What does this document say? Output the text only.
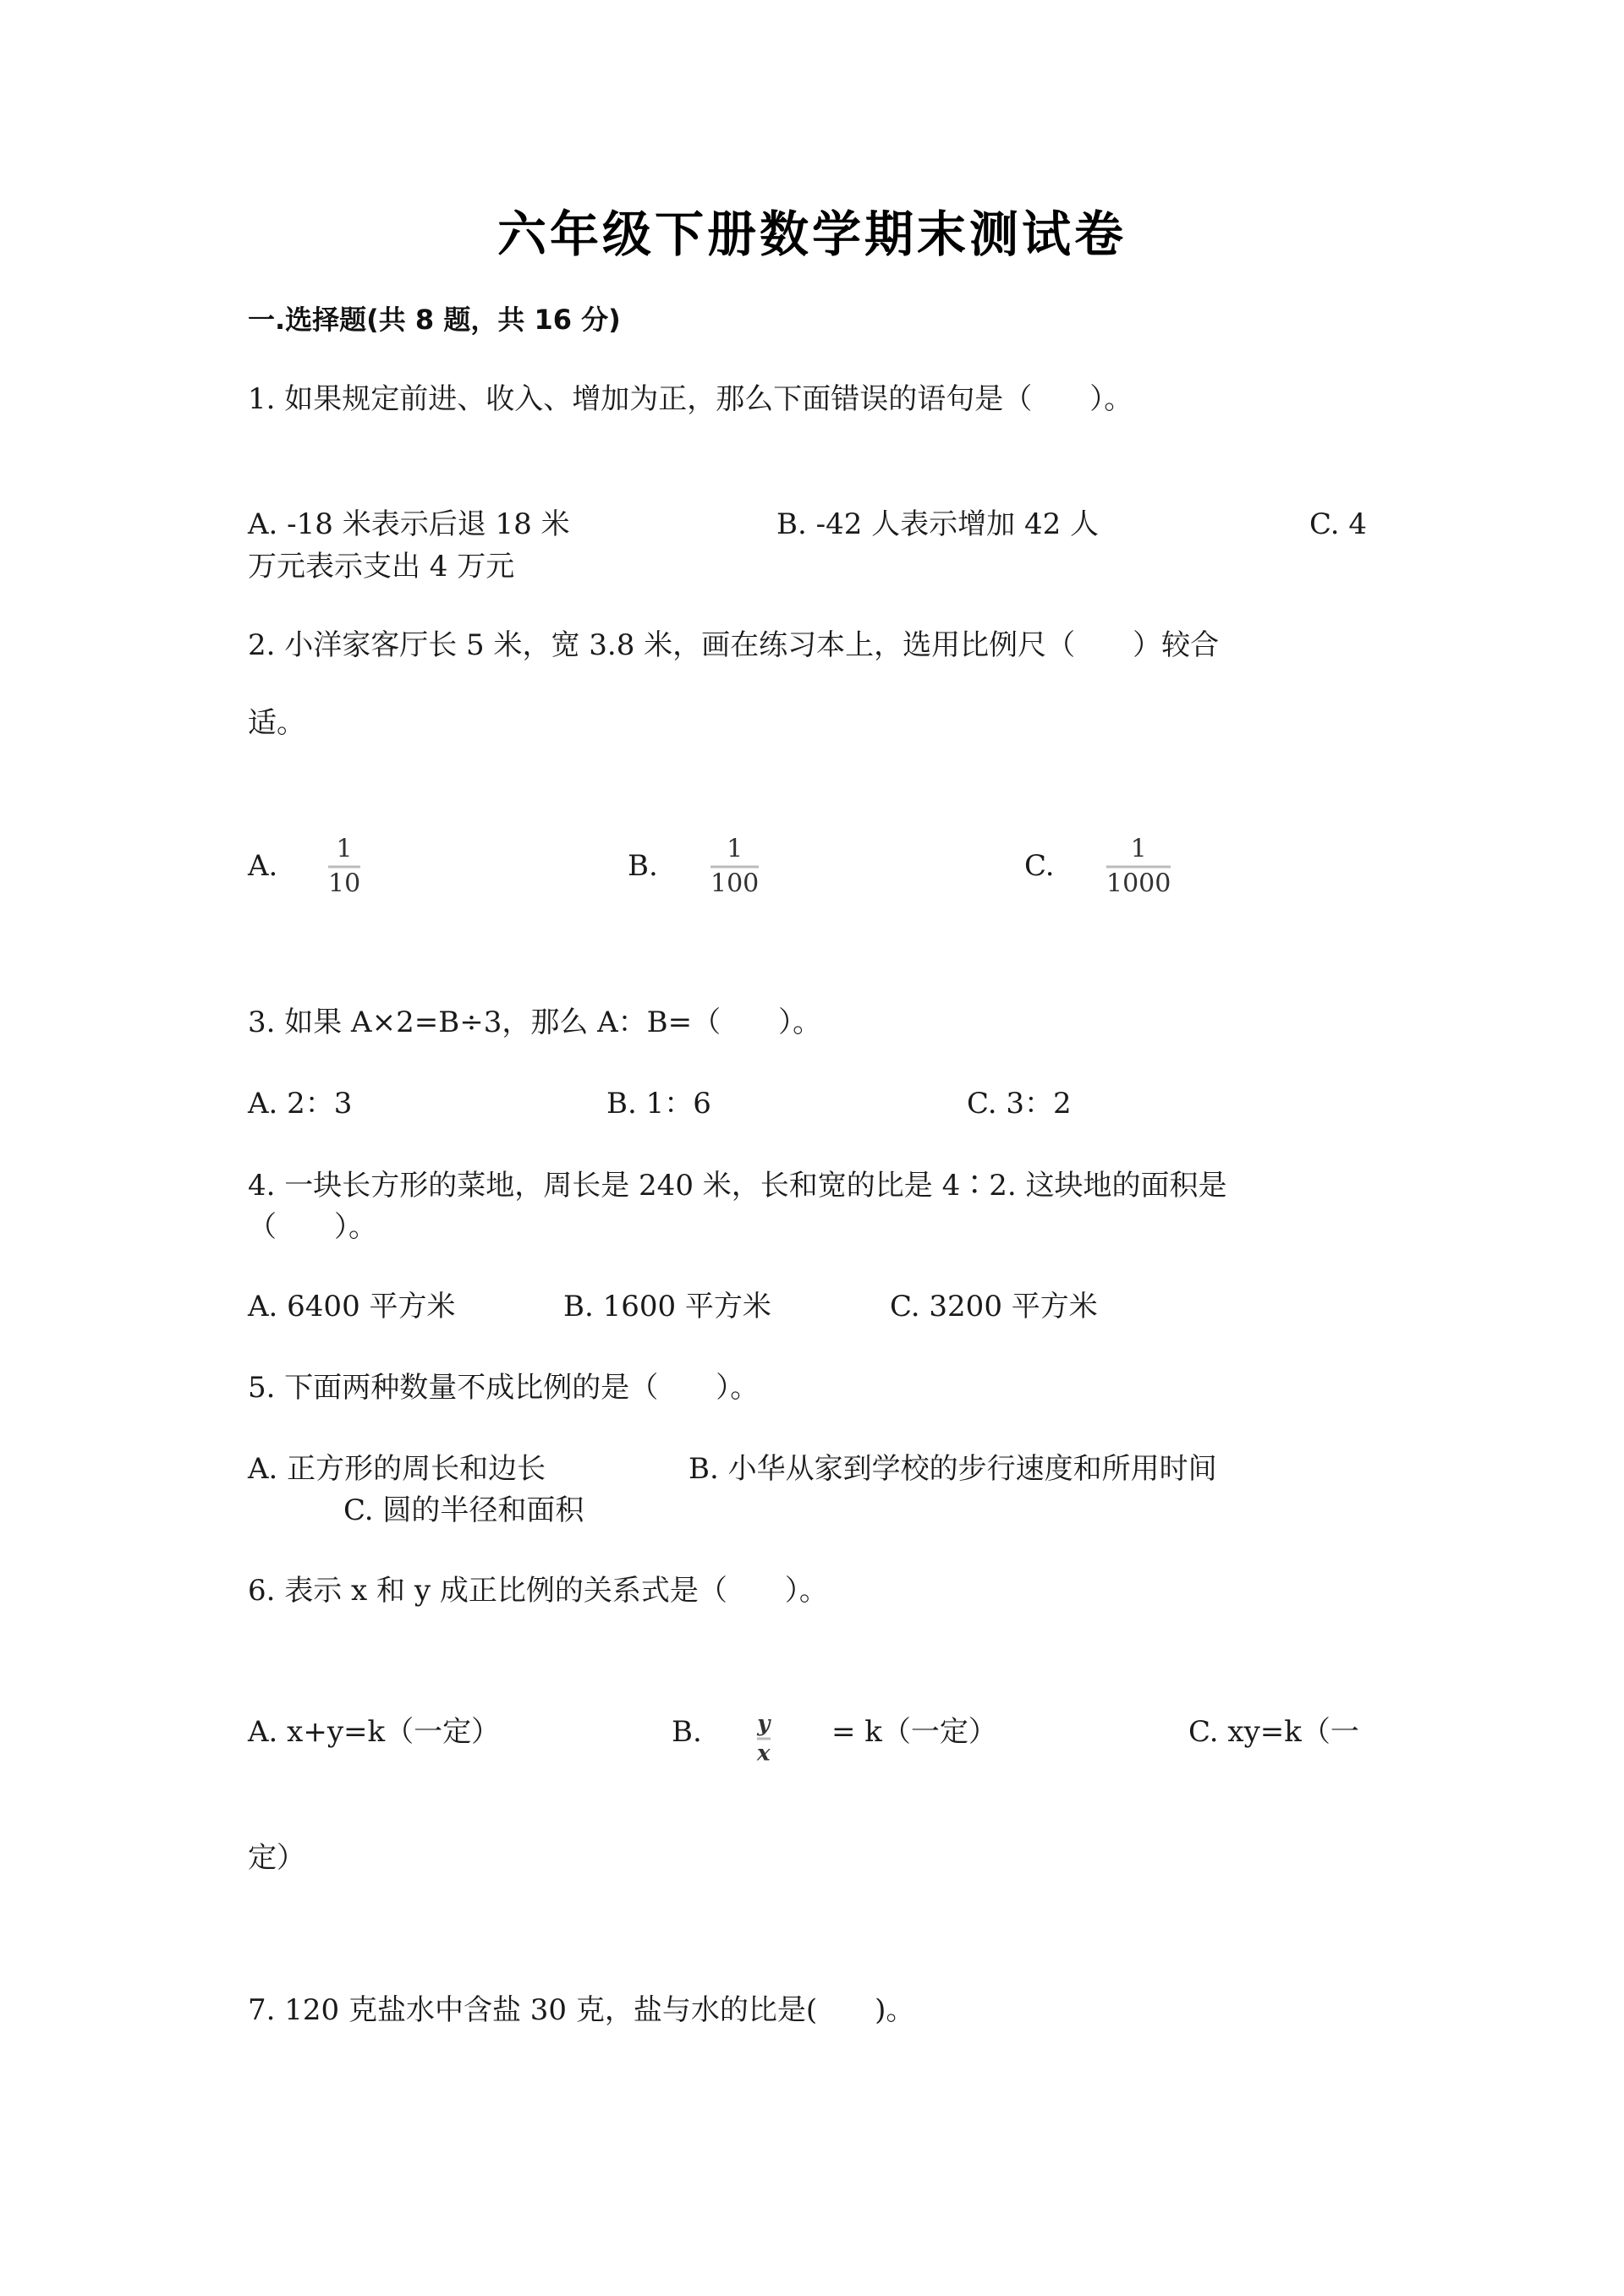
六年级下册数学期末测试卷
一.选择题(共 8 题，共 16 分)
1. 如果规定前进、收入、增加为正，那么下面错误的语句是（　　）。
A. -18 米表示后退 18 米	B. -42 人表示增加 42 人	C. 4
万元表示支出 4 万元
2. 小洋家客厅长 5 米，宽 3.8 米，画在练习本上，选用比例尺（　　）较合
适。
A. 1
10
B.	1
100
C.	1
1000
3. 如果 A×2=B÷3，那么 A：B=（　　）。
A. 2：3	B. 1：6	C. 3：2
4. 一块长方形的菜地，周长是 240 米，长和宽的比是 4∶2. 这块地的面积是
（　　）。
A. 6400 平方米	B. 1600 平方米	C. 3200 平方米
5. 下面两种数量不成比例的是（　　）。
A. 正方形的周长和边长	B. 小华从家到学校的步行速度和所用时间
C. 圆的半径和面积
6. 表示 x 和 y 成正比例的关系式是（　　）。
A. x+y=k（一定）	B.	y
x
= k（一定）	C. xy=k（一
定）
7. 120 克盐水中含盐 30 克，盐与水的比是(　　)。
